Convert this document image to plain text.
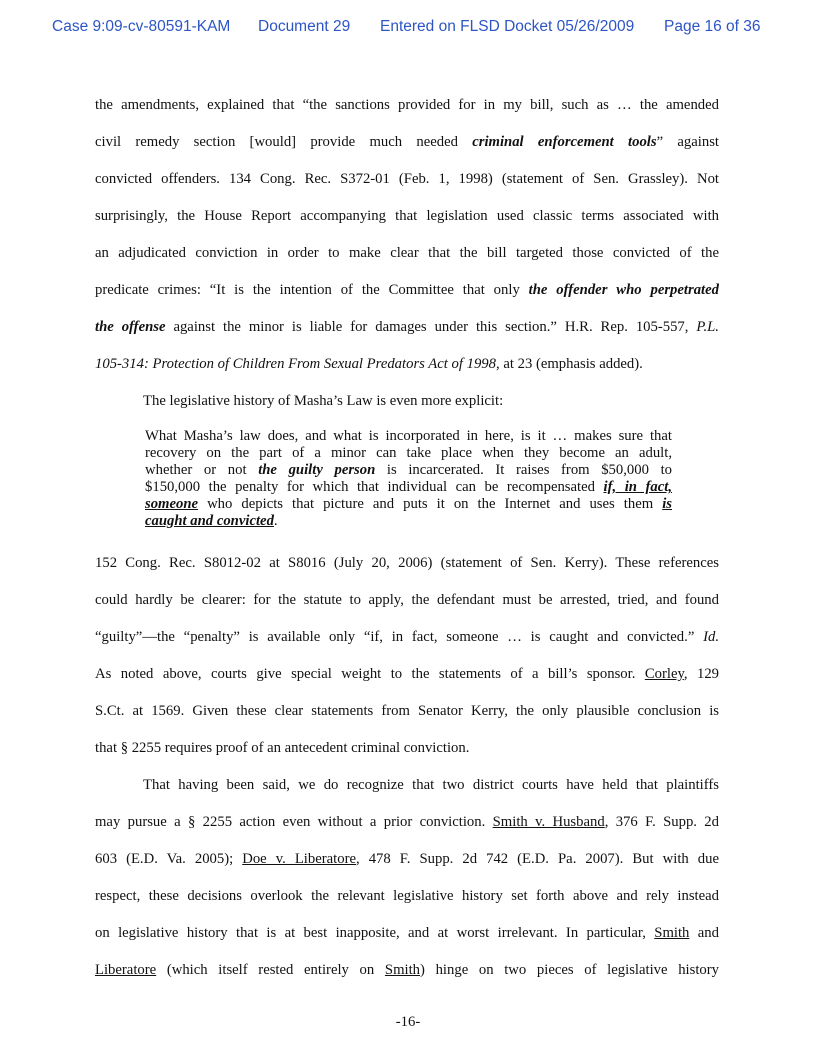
Case 9:09-cv-80591-KAM Document 29 Entered on FLSD Docket 05/26/2009 Page 16 of 36
the amendments, explained that “the sanctions provided for in my bill, such as … the amended
civil remedy section [would] provide much needed criminal enforcement tools” against
convicted offenders. 134 Cong. Rec. S372-01 (Feb. 1, 1998) (statement of Sen. Grassley). Not
surprisingly, the House Report accompanying that legislation used classic terms associated with
an adjudicated conviction in order to make clear that the bill targeted those convicted of the
predicate crimes: “It is the intention of the Committee that only the offender who perpetrated
the offense against the minor is liable for damages under this section.” H.R. Rep. 105-557, P.L.
105-314: Protection of Children From Sexual Predators Act of 1998, at 23 (emphasis added).
The legislative history of Masha’s Law is even more explicit:
What Masha’s law does, and what is incorporated in here, is it … makes sure that
recovery on the part of a minor can take place when they become an adult,
whether or not the guilty person is incarcerated. It raises from $50,000 to
$150,000 the penalty for which that individual can be recompensated if, in fact,
someone who depicts that picture and puts it on the Internet and uses them is
caught and convicted.
152 Cong. Rec. S8012-02 at S8016 (July 20, 2006) (statement of Sen. Kerry). These references
could hardly be clearer: for the statute to apply, the defendant must be arrested, tried, and found
“guilty”—the “penalty” is available only “if, in fact, someone … is caught and convicted.” Id.
As noted above, courts give special weight to the statements of a bill’s sponsor. Corley, 129
S.Ct. at 1569. Given these clear statements from Senator Kerry, the only plausible conclusion is
that § 2255 requires proof of an antecedent criminal conviction.
That having been said, we do recognize that two district courts have held that plaintiffs
may pursue a § 2255 action even without a prior conviction. Smith v. Husband, 376 F. Supp. 2d
603 (E.D. Va. 2005); Doe v. Liberatore, 478 F. Supp. 2d 742 (E.D. Pa. 2007). But with due
respect, these decisions overlook the relevant legislative history set forth above and rely instead
on legislative history that is at best inapposite, and at worst irrelevant. In particular, Smith and
Liberatore (which itself rested entirely on Smith) hinge on two pieces of legislative history
-16-
